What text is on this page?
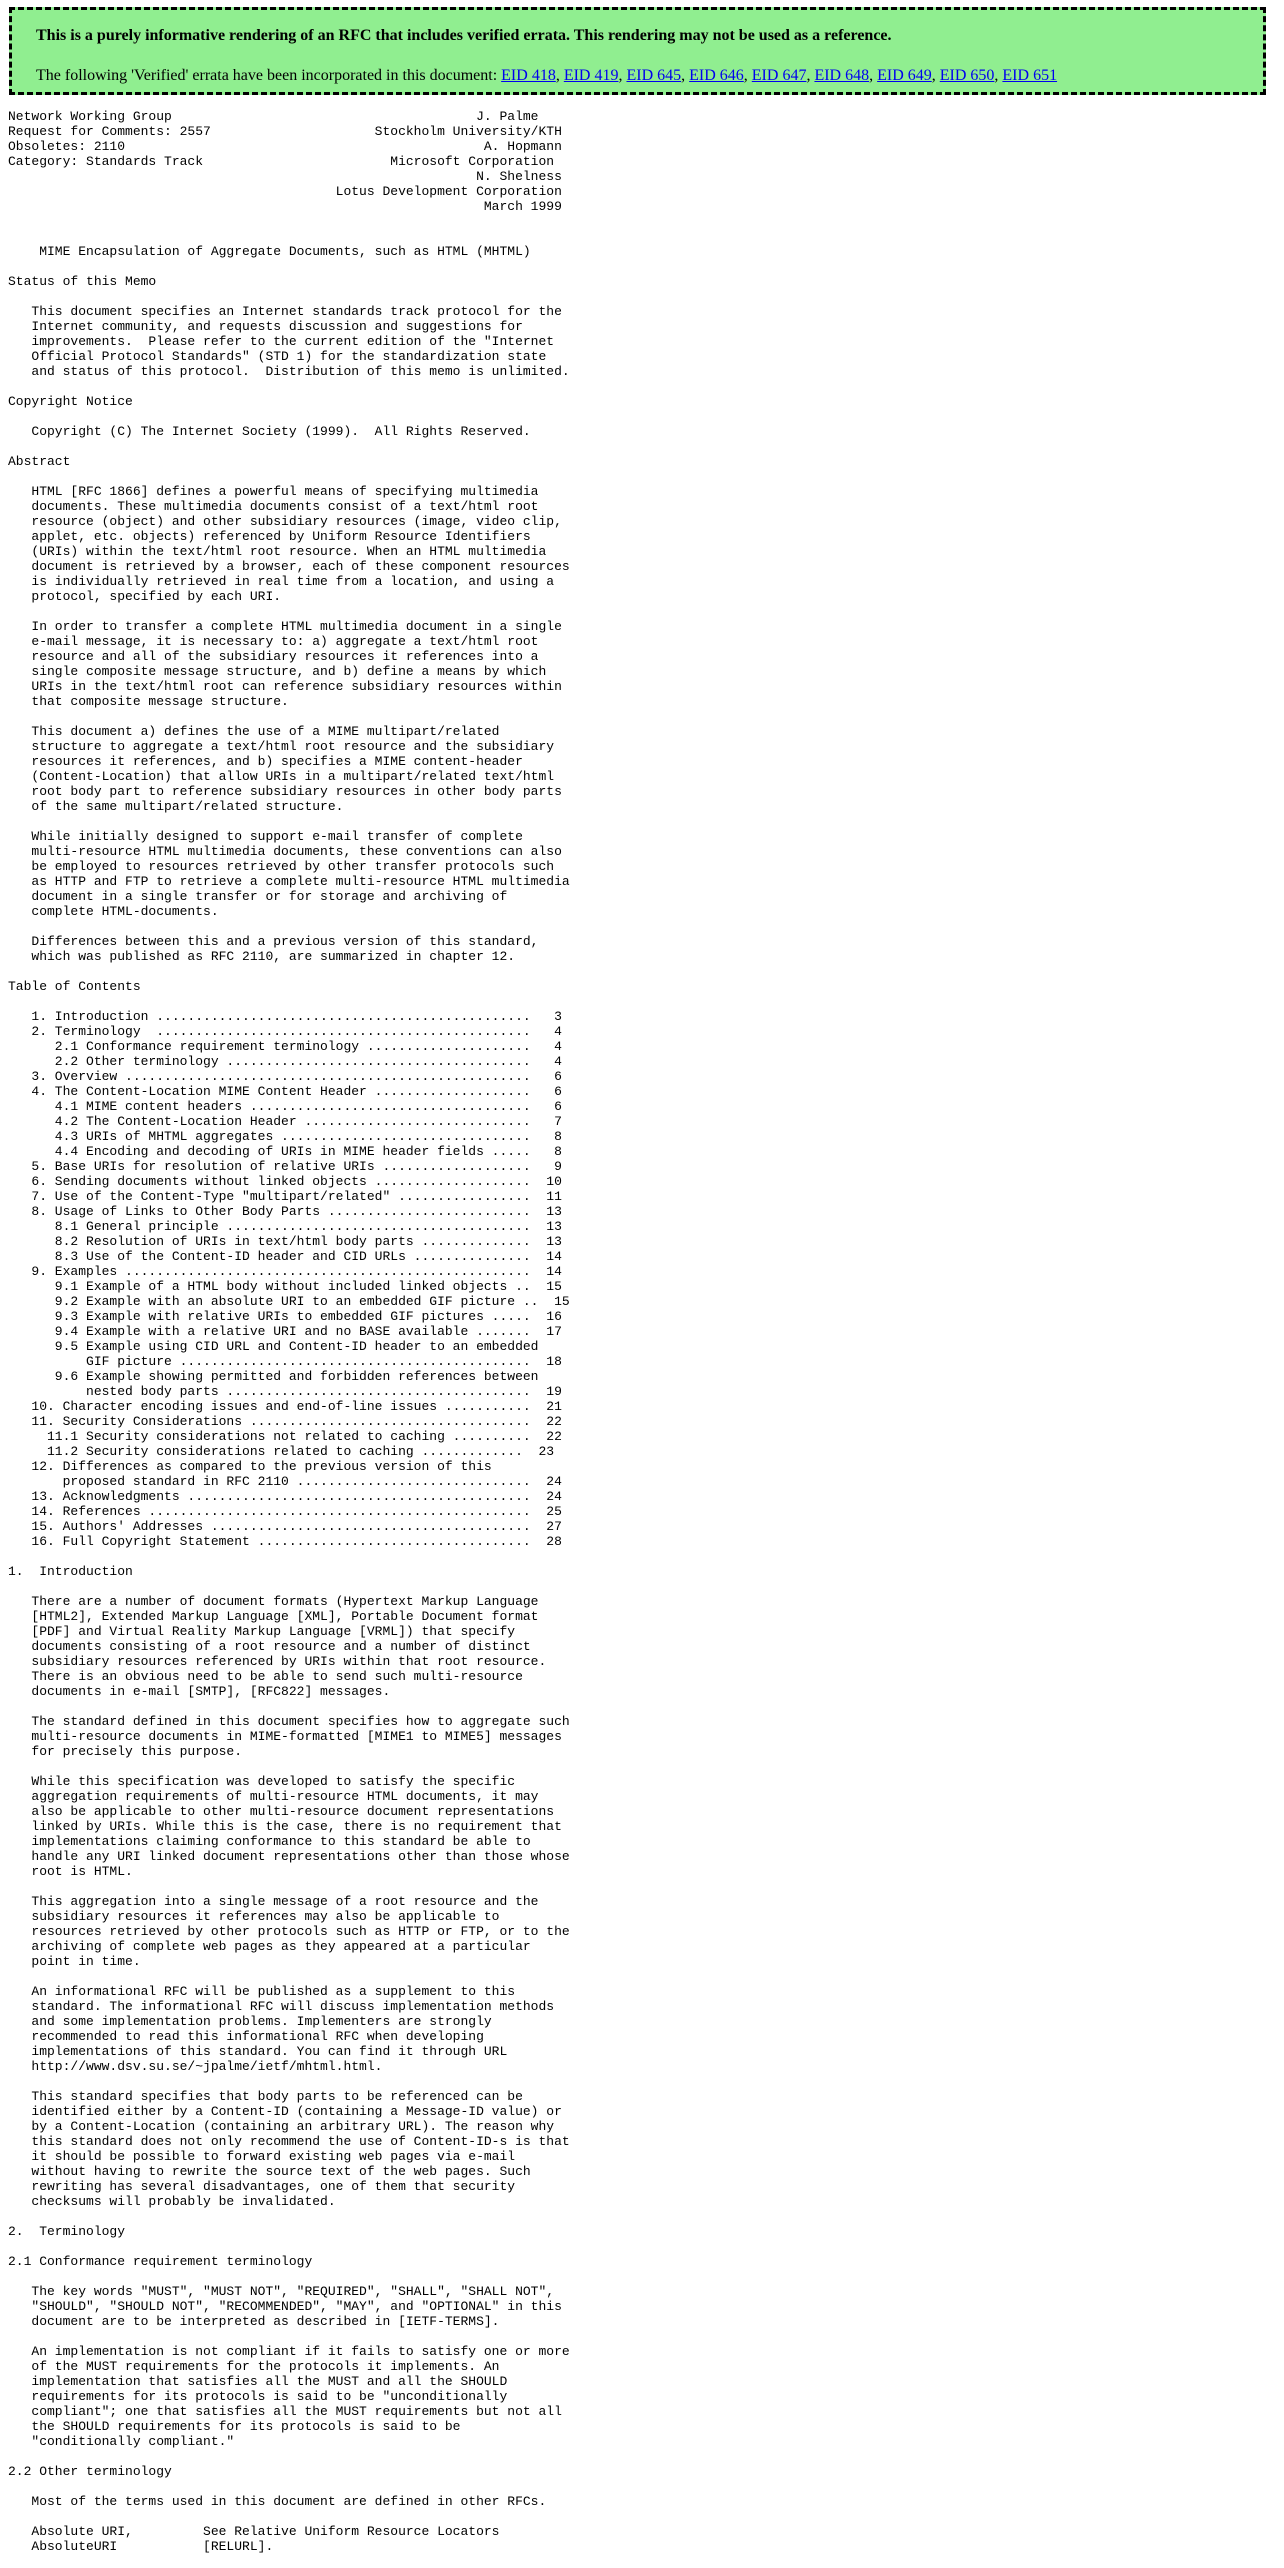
This is a purely informative rendering of an RFC that includes verified errata. This rendering may not be used as a reference.
The following 'Verified' errata have been incorporated in this document: EID 418, EID 419, EID 645, EID 646, EID 647, EID 648, EID 649, EID 650, EID 651
Network Working Group                                       J. Palme
Request for Comments: 2557                     Stockholm University/KTH
Obsoletes: 2110                                              A. Hopmann
Category: Standards Track                        Microsoft Corporation
N. Shelness
Lotus Development Corporation
March 1999
MIME Encapsulation of Aggregate Documents, such as HTML (MHTML)
Status of this Memo
This document specifies an Internet standards track protocol for the
Internet community, and requests discussion and suggestions for
improvements.  Please refer to the current edition of the "Internet
Official Protocol Standards" (STD 1) for the standardization state
and status of this protocol.  Distribution of this memo is unlimited.
Copyright Notice
Copyright (C) The Internet Society (1999).  All Rights Reserved.
Abstract
HTML [RFC 1866] defines a powerful means of specifying multimedia
documents. These multimedia documents consist of a text/html root
resource (object) and other subsidiary resources (image, video clip,
applet, etc. objects) referenced by Uniform Resource Identifiers
(URIs) within the text/html root resource. When an HTML multimedia
document is retrieved by a browser, each of these component resources
is individually retrieved in real time from a location, and using a
protocol, specified by each URI.
In order to transfer a complete HTML multimedia document in a single
e-mail message, it is necessary to: a) aggregate a text/html root
resource and all of the subsidiary resources it references into a
single composite message structure, and b) define a means by which
URIs in the text/html root can reference subsidiary resources within
that composite message structure.
This document a) defines the use of a MIME multipart/related
structure to aggregate a text/html root resource and the subsidiary
resources it references, and b) specifies a MIME content-header
(Content-Location) that allow URIs in a multipart/related text/html
root body part to reference subsidiary resources in other body parts
of the same multipart/related structure.
While initially designed to support e-mail transfer of complete
multi-resource HTML multimedia documents, these conventions can also
be employed to resources retrieved by other transfer protocols such
as HTTP and FTP to retrieve a complete multi-resource HTML multimedia
document in a single transfer or for storage and archiving of
complete HTML-documents.
Differences between this and a previous version of this standard,
which was published as RFC 2110, are summarized in chapter 12.
Table of Contents
1. Introduction ................................................   3
2. Terminology  ................................................   4
2.1 Conformance requirement terminology .....................   4
2.2 Other terminology .......................................   4
3. Overview ....................................................   6
4. The Content-Location MIME Content Header ....................   6
4.1 MIME content headers ....................................   6
4.2 The Content-Location Header .............................   7
4.3 URIs of MHTML aggregates ................................   8
4.4 Encoding and decoding of URIs in MIME header fields .....   8
5. Base URIs for resolution of relative URIs ...................   9
6. Sending documents without linked objects ....................  10
7. Use of the Content-Type "multipart/related" .................  11
8. Usage of Links to Other Body Parts ..........................  13
8.1 General principle .......................................  13
8.2 Resolution of URIs in text/html body parts ..............  13
8.3 Use of the Content-ID header and CID URLs ...............  14
9. Examples ....................................................  14
9.1 Example of a HTML body without included linked objects ..  15
9.2 Example with an absolute URI to an embedded GIF picture ..  15
9.3 Example with relative URIs to embedded GIF pictures .....  16
9.4 Example with a relative URI and no BASE available .......  17
9.5 Example using CID URL and Content-ID header to an embedded
GIF picture .............................................  18
9.6 Example showing permitted and forbidden references between
nested body parts .......................................  19
10. Character encoding issues and end-of-line issues ...........  21
11. Security Considerations ....................................  22
11.1 Security considerations not related to caching ..........  22
11.2 Security considerations related to caching .............  23
12. Differences as compared to the previous version of this
proposed standard in RFC 2110 ..............................  24
13. Acknowledgments ............................................  24
14. References .................................................  25
15. Authors' Addresses .........................................  27
16. Full Copyright Statement ...................................  28
1.  Introduction
There are a number of document formats (Hypertext Markup Language
[HTML2], Extended Markup Language [XML], Portable Document format
[PDF] and Virtual Reality Markup Language [VRML]) that specify
documents consisting of a root resource and a number of distinct
subsidiary resources referenced by URIs within that root resource.
There is an obvious need to be able to send such multi-resource
documents in e-mail [SMTP], [RFC822] messages.
The standard defined in this document specifies how to aggregate such
multi-resource documents in MIME-formatted [MIME1 to MIME5] messages
for precisely this purpose.
While this specification was developed to satisfy the specific
aggregation requirements of multi-resource HTML documents, it may
also be applicable to other multi-resource document representations
linked by URIs. While this is the case, there is no requirement that
implementations claiming conformance to this standard be able to
handle any URI linked document representations other than those whose
root is HTML.
This aggregation into a single message of a root resource and the
subsidiary resources it references may also be applicable to
resources retrieved by other protocols such as HTTP or FTP, or to the
archiving of complete web pages as they appeared at a particular
point in time.
An informational RFC will be published as a supplement to this
standard. The informational RFC will discuss implementation methods
and some implementation problems. Implementers are strongly
recommended to read this informational RFC when developing
implementations of this standard. You can find it through URL
http://www.dsv.su.se/~jpalme/ietf/mhtml.html.
This standard specifies that body parts to be referenced can be
identified either by a Content-ID (containing a Message-ID value) or
by a Content-Location (containing an arbitrary URL). The reason why
this standard does not only recommend the use of Content-ID-s is that
it should be possible to forward existing web pages via e-mail
without having to rewrite the source text of the web pages. Such
rewriting has several disadvantages, one of them that security
checksums will probably be invalidated.
2.  Terminology
2.1 Conformance requirement terminology
The key words "MUST", "MUST NOT", "REQUIRED", "SHALL", "SHALL NOT",
"SHOULD", "SHOULD NOT", "RECOMMENDED", "MAY", and "OPTIONAL" in this
document are to be interpreted as described in [IETF-TERMS].
An implementation is not compliant if it fails to satisfy one or more
of the MUST requirements for the protocols it implements. An
implementation that satisfies all the MUST and all the SHOULD
requirements for its protocols is said to be "unconditionally
compliant"; one that satisfies all the MUST requirements but not all
the SHOULD requirements for its protocols is said to be
"conditionally compliant."
2.2 Other terminology
Most of the terms used in this document are defined in other RFCs.
Absolute URI,         See Relative Uniform Resource Locators
AbsoluteURI           [RELURL].
